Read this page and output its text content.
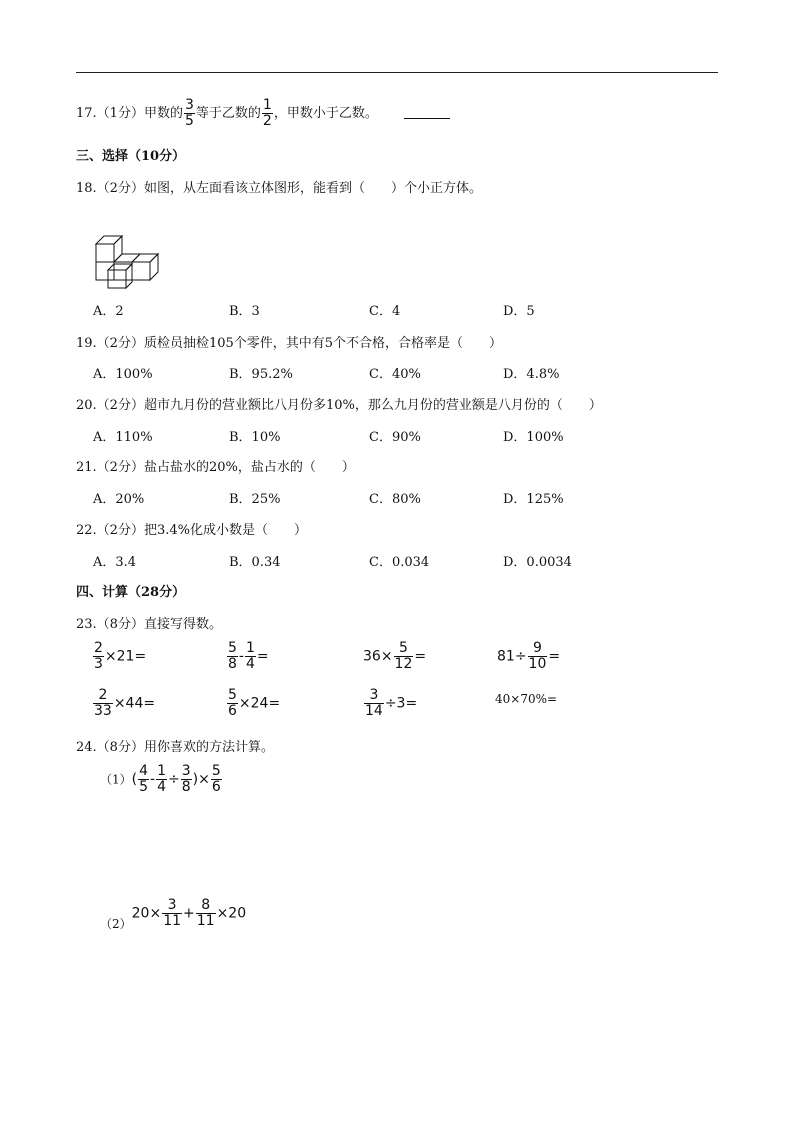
17.（1分）甲数的 $\frac{3}{5}$ 等于乙数的 $\frac{1}{2}$ ，甲数小于乙数。
三、选择（10分）
18.（2分）如图，从左面看该立体图形，能看到（　　）个小正方体。
A．2	B．3	C．4	D．5
19.（2分）质检员抽检105个零件，其中有5个不合格，合格率是（　　）
A．100%	B．95.2%	C．40%	D．4.8%
20.（2分）超市九月份的营业额比八月份多10%，那么九月份的营业额是八月份的（　　）
A．110%	B．10%	C．90%	D．100%
21.（2分）盐占盐水的20%，盐占水的（　　）
A．20%	B．25%	C．80%	D．125%
22.（2分）把3.4%化成小数是（　　）
A．3.4	B．0.34	C．0.034	D．0.0034
四、计算（28分）
23.（8分）直接写得数。
$\frac{2}{3} \times 21=$	$\frac{5}{8} - \frac{1}{4}$ =	$36\times \frac{5}{12}$ =	$81\div \frac{9}{10}$ =
$\frac{2}{33} \times 44=$	$\frac{5}{6} \times 24=$	$\frac{3}{14} \div 3=$	40×70%=
24.（8分）用你喜欢的方法计算。
$(1)( \frac{4}{5} - \frac{1}{4} \div \frac{3}{8}$ )× $\frac{5}{6}$
$(2)20\times \frac{3}{11} + \frac{8}{11} \times 20$
